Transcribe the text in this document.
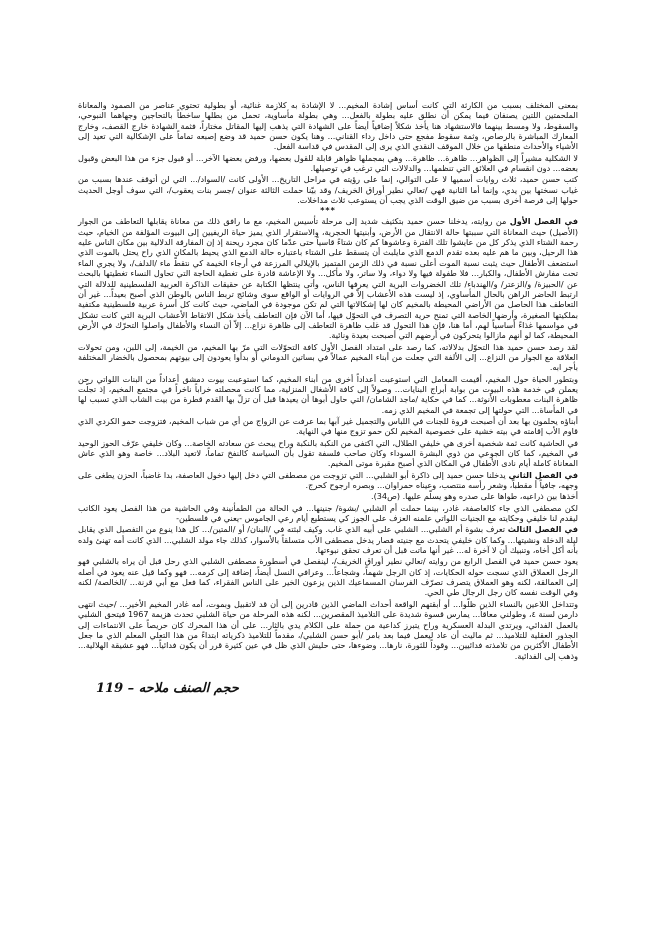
بمعنى المختلف بسبب من الكارثة التي كانت أساس إشادة المخيم... لا الإشادة به كلازمة غنائية، أو بطولية تحتوي عناصر من الصمود والمعاناة الملحمتين اللتين يصنفان فيما يمكن أن نطلق عليه بطولة بالفعل... وهي بطولة مأساوية، تحمل من بطلها ساخطاً بالتحاجين وجهاهما النبوحي، والسقوط، ولا ومسط بينهما فالاستشهاد هنا يأخذ شكلاً إضافياً أيضاً على الشهادة التي يذهب إليها المقاتل مختاراً، فثمة الشهادة خارج القصف، وخارج المعارك المباشرة بالرصاص، وثمة سقوط مفجع حتى داخل رداء القناني... وهنا يكون حسن حميد قد وضع إصبعه تماماً على الإشكالية التي تعيد إلى الأشياء والأحداث منطقها من خلال الموقف النقدي الذي يرى إلى المقدس في قداسة الفعل.

لا الشكلية مشيراً إلى الظواهر... ظاهرة... ظاهرة... وهي بمجملها ظواهر قابلة للقول بعضها، ورفض بعضها الآخر... أو قبول جزء من هذا البعض وقبول بعضه... دون انقسام في العلائق التي تنظمها... والدلالات التي ترغب في توصيلها.

كتب حسن حميد، ثلاث روايات أسميها لا على التوالي، إنما على رؤيته في مراحل التاريخ... الأولى كانت /السواد/... التي لن أتوقف عندها بسبب من غياب نسختها بين يدي، وإنما أما الثانية فهي /تعالي نطير أوراق الخريف/ وقد بيّنا حملت الثالثة عنوان /جسر بنات يعقوب/، التي سوف أوجل الحديث حولها إلى فرصة أخرى بسبب من ضيق الوقت الذي يجب أن يستوعب ثلاث مداخلات.

***

في الفصل الأول من روايته، يدخلنا حسن حميد بتكثيف شديد إلى مرحلة تأسيس المخيم، مع ما رافق ذلك من معاناة يقابلها التعاطف من الجوار (الأصيل) حيث المعاناة التي سببتها حالة الانتقال من الأرض، وأبنيتها الحجرية، والاستقرار الذي يميز حياة الريفيين إلى البيوت المؤلفة من الخيام، حيث رحمة الشتاء الذي يذكر كل من عايشوا تلك الفترة وعاشوها كم كان شتاءً قاسياً حتى عدّما كان مجرد ريحنة إذ إن المفارقة الدلالية بين مكان الناس عليه هذا الرحيل، وبين ما هم عليه بعده تقدم الدمع الذي مايلبث أن يتسقط على الشتاء باعتباره حالة الدمع الذي يحيط بالمكان الذي راح يحتل بالموت الذي استضعف الأطفال حيث يثبت نسبة الموت أعلى نسبة في ذلك الزمن المتميز بالإيلالي المرزعة في أرجاء الخيمة كي نتقطّ ماء /الدلف/، ولا يجري الماء تحت مفارش الأطفال، والكبار... فلا طفولة فيها ولا دواء، ولا ساتر، ولا مأكل... ولا الإعاشة قادرة على تغطية الحاجة التي تحاول النساء تغطيتها بالبحث عن /الحبيزة/ و/الزعتر/ و/الهندباء/ تلك الخضروات البرية التي يعرفها الناس، وأتى ينتظها الكتابة عن حقيقات الذاكرة العربية الفلسطينية للدلالة التي ارتبط الحاضر الراهن بالحال المأساوي، إذ ليست هذه الأعشاب إلاّ في الروايات أو الواقع سوى وشائج تربط الناس بالوطن الذي أصبح بعيداً... غير أن التعاطف هذا الحاصل من الأراضي المحيطة بالمخيم كان لها إشكالاتها التي لم تكن موجودة في الماضي، حيث كانت كل أسرة عربية فلسطينية مكتفية بملكيتها الصغيرة، وأرضها الخاصة التي تمنح حرية التصرف في التحوّل فيها، أما الآن فإن التعاطف يأخذ شكل الاتقاط الأعشاب البرية التي كانت تشكل في مواسمها غذاءً أساسياً لهم، أما هنا، فإن هذا التحول قد غلب ظاهرة التعاطف إلى ظاهرة نزاع... إلاّ أن النساء والأطفال واصلوا التحرّك في الأرض المحيطة، كما لو أنهم مازالوا يتحركون في أرضهم التي أصبحت بعيدة ونائية.

لقد رصد حسن حميد هذا التحوّل بدلالاته، كما رصد على امتداد الفصل الأول كافة التحوّلات التي مرّ بها المخيم، من الخيمة، إلى اللبن، ومن تحولات العلاقة مع الجوار من النزاع... إلى الألفة التي جعلت من أبناء المخيم عمالاً في بساتين الدوماني أو بدأوا يعودون إلى بيوتهم بمحصول بالخضار المختلفة بأجر ابه.

وبتطور الحياة حول المخيم، أقيمت المعامل التي استوعبت أعداداً أخرى من أبناء المخيم، كما استوعبت بيوت دمشق أعداداً من البنات اللواتي رحن يعملن في خدمة هذه البيوت من بوابة أبراج البنايات... وصولاً إلى كافة الأشغال المنزلية، مما كانت محصلته خراباً ناخراً في مجتمع المخيم، إذ تجلّت ظاهرة البنات معطوبات الأنوثة... كما في حكاية /ماجد الشامان/ التي حاول أبوها أن يعيدها قبل أن تزلّ بها القدم قطرة من بيت الشاب الذي تسبب لها في المأساة... التي حولتها إلى تجمعة في المخيم الذي زمه.

أبناؤه يحلمون بها بعد أن أصبحت فروة للجنات في اللباس والتجميل غير آبها بما عرفت عن الزواج من أي من شباب المخيم، فتزوجت حمو الكردي الذي قاوم الأب إقامته في بيته خشية على خصوصية المخيم لكن حمو تزوج منها في النهاية.

في الحاشية كانت ثمة شخصية أخرى هي خليفي الطلال، التي اكتفى من النكبة بالنكبة وراح يبحث عن سعادته الخاصة... وكان خليفي عرّف الحوز الوحيد في المخيم، كما كان الجوعي من ذوي البشرة السوداء وكان صاحب فلسفة تقول بأن السياسة كالنفخ تماماً، لاتعيد البلاد... خاصة وهو الذي عاش المعاناة كاملة أيام نادى الأطفال في المكان الذي أصبح مقبرة موتى المخيم.

في الفصل الثاني يدخلنا حسن حميد إلى ذاكرة أبو الشلبي... التي تزوجت من مصطفى التي دخل إليها دخول العاصفة، بدا غاضباً، الحزن يطغى على وجهه، جافياً أ مقطباً، وشعر رأسه منتصب، وعيناه حمراوان... وبصره ارجوح كحرج.

أخذها بين ذراعيه، طواها على صدره وهو يسلّم عليها. (ص34).

لكن مصطفى الذي جاء كالعاصفة، غادر، بينما حملت أم الشلبي /بشوة/ جنينها... في الحالة من الطمأنينة وفي الحاشية من هذا الفصل يعود الكاتب ليقدم لنا خليفي وحكايته مع الجنيات اللواتي علمنه العزف على الجوز كي يستطيع أيام رعي الجاموس -يعني في فلسطين-

في الفصل الثالث تعرف بشوة أم الشلبي... الشلبي على أبيه الذي غاب. وكيف لبثته في /البنان/ أو /المتين/... كل هذا ينوع من التفصيل الذي يقابل ليلة الدخلة ونشيتها... وكما كان خليفي يتحدث مع جنيته فصار يدخل مصطفى الأب متسلقاً بالأسوار، كذلك جاء مولد الشلبي... الذي كانت أمه تهنئ ولده بأنه أكل أخاه، وتنبيك أن لا آخرة له... غير أنها ماتت قبل أن تعرف تحقق نبوءتها.

يعود حسن حميد في الفصل الرابع من روايته /تعالي نطير أوراق الخريف/، لينفصل في أسطورة مصطفى الشلبي الذي رحل قبل أن يراه بالشلبي فهو الرجل العملاق الذي نسجت حوله الحكايات، إذ كان الرجل شهماً، وشجاعاً... وعرافي النسل أيضاً، إضافة إلى كرمه... فهو وكما قيل عنه يعود في أصله إلى العمالقة، لكنه وهو العملاق يتصرف تصرّف الفرسان المسماعيك الذين يزعون الخير على الناس الفقراء، كما فعل مع أبي قرنة... /الخالصة/ لكنه وفي الوقت نفسه كان رجل الرجال طي الحي.

وتتداخل اللاعين بالنساء الذين ظلّوا... أو أبقتهم الواقعة أحداث الماضي الذين قادرين إلى أن قد لاتقبيل وبموت، أمه غادر المخيم الأخير... /حيث انتهى دارمن لسنة ٤، وطولني معاقاً... يمارس قسوة شديدة على التلاميذ المقصرين... لكنه هذه المرحلة من حياة الشلبي تحدث هزيمة 1967 فيتحق الشلبي بالعمل الفدائي، ويرتدي البدلة العسكرية وراح يتبرز كداعية من حملة على الكلام يدي بالثار... على أن هذا المحرك كان حريصاً على الانتماءات إلى الجذور العقلية للتلاميذ... ثم ماليث أن عاد ليعمل فيما بعد بامر /أبو حسن الشلبي/، مقدماً للتلاميذ ذكرياته ابتداءً من هذا التعلي المعلم الذي ما جعل الأطفال الأكثرين من تلامذته فدائيين... وقوداً للثورة، نارها... وضوءها، حتى حليش الذي ظل في عين كثيرة قرر أن يكون فدائياً... فهو عشيقة الهلالية... وذهب إلى الفدائية.

حجم الصنف ملاحه – 119
